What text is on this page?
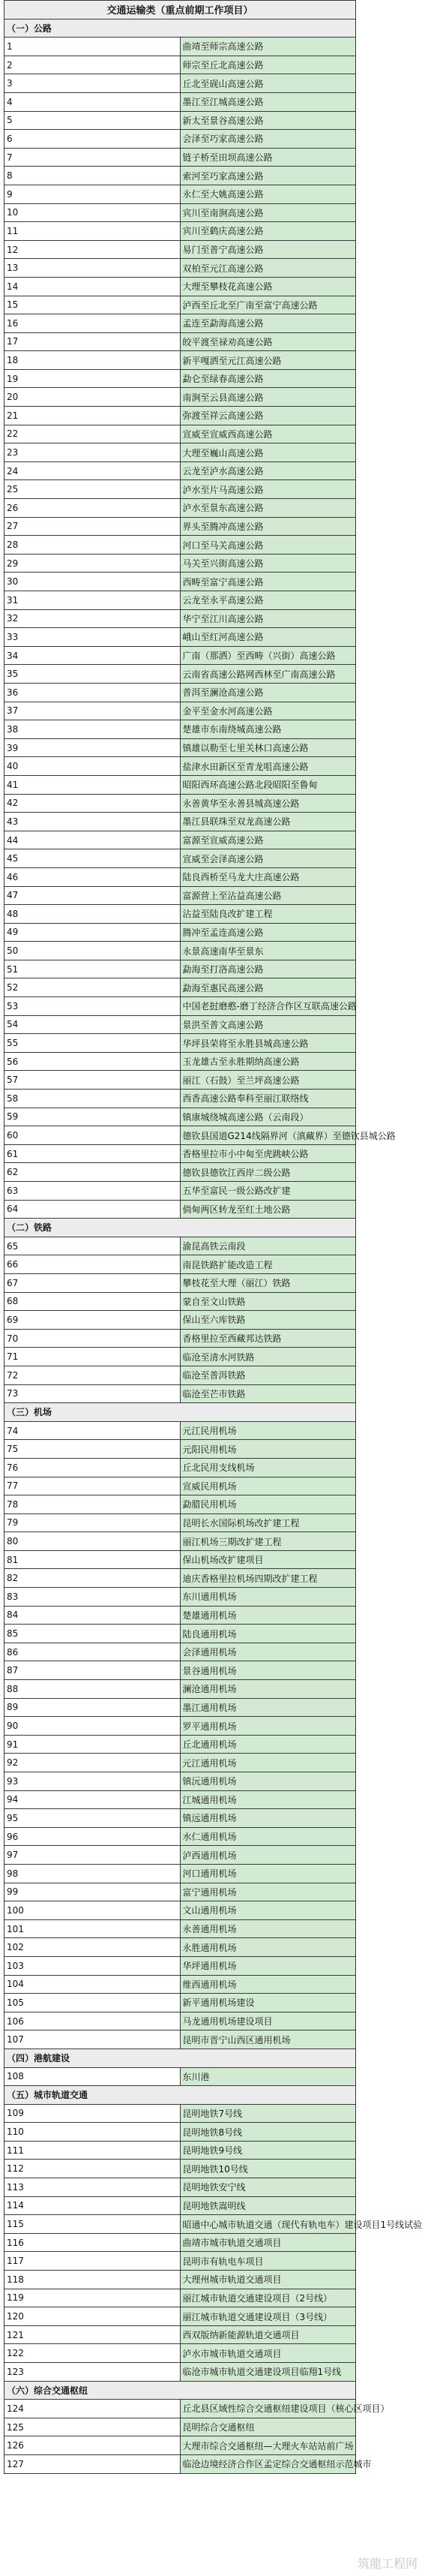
交通运输类（重点前期工作项目）	
（一）公路	
1	曲靖至师宗高速公路
2	师宗至丘北高速公路
3	丘北至砚山高速公路
4	墨江至江城高速公路
5	新太至景谷高速公路
6	会泽至巧家高速公路
7	链子桥至田坝高速公路
8	索河至巧家高速公路
9	永仁至大姚高速公路
10	宾川至南涧高速公路
11	宾川至鹤庆高速公路
12	易门至普宁高速公路
13	双柏至元江高速公路
14	大理至攀枝花高速公路
15	泸西至丘北至广南至富宁高速公路
16	孟连至勐海高速公路
17	皎平渡至禄劝高速公路
18	新平嘎洒至元江高速公路
19	勐仑至绿春高速公路
20	南涧至云县高速公路
21	弥渡至祥云高速公路
22	宣威至宣威西高速公路
23	大理至巍山高速公路
24	云龙至泸水高速公路
25	泸水至片马高速公路
26	泸水至景东高速公路
27	界头至腾冲高速公路
28	河口至马关高速公路
29	马关至兴街高速公路
30	西畴至富宁高速公路
31	云龙至永平高速公路
32	华宁至江川高速公路
33	峨山至红河高速公路
34	广南（那洒）至西畴（兴街）高速公路
35	云南省高速公路网西林至广南高速公路
36	普洱至澜沧高速公路
37	金平至金水河高速公路
38	楚雄市东南绕城高速公路
39	镇雄以勒至七里关林口高速公路
40	盐津水田新区至青龙咀高速公路
41	昭阳西环高速公路北段昭阳至鲁甸
42	永善黄华至永善县城高速公路
43	墨江县联珠至双龙高速公路
44	富源至宣威高速公路
45	宣威至会泽高速公路
46	陆良西桥至马龙大庄高速公路
47	富源营上至沾益高速公路
48	沾益至陆良改扩建工程
49	腾冲至孟连高速公路
50	永景高速南华至景东
51	勐海至打洛高速公路
52	勐海至惠民高速公路
53	中国老挝磨憨-磨丁经济合作区互联高速公路
54	景洪至普文高速公路
55	华坪县荣将至永胜县城高速公路
56	玉龙雄古至永胜期纳高速公路
57	丽江（石鼓）至兰坪高速公路
58	西香高速公路奉科至丽江联络线
59	镇康城绕城高速公路（云南段）
60	德钦县国道G214线隔界河（滇藏界）至德钦县城公路
61	香格里拉市小中甸至虎跳峡公路
62	德钦县德钦江西岸二级公路
63	五华至富民一级公路改扩建
64	倘甸两区转龙至红土地公路
（二）铁路	
65	渝昆高铁云南段
66	南昆铁路扩能改造工程
67	攀枝花至大理（丽江）铁路
68	蒙自至文山铁路
69	保山至六库铁路
70	香格里拉至西藏邦达铁路
71	临沧至清水河铁路
72	临沧至普洱铁路
73	临沧至芒市铁路
（三）机场	
74	元江民用机场
75	元阳民用机场
76	丘北民用支线机场
77	宣威民用机场
78	勐腊民用机场
79	昆明长水国际机场改扩建工程
80	丽江机场三期改扩建工程
81	保山机场改扩建项目
82	迪庆香格里拉机场四期改扩建工程
83	东川通用机场
84	楚雄通用机场
85	陆良通用机场
86	会泽通用机场
87	景谷通用机场
88	澜沧通用机场
89	墨江通用机场
90	罗平通用机场
91	丘北通用机场
92	元江通用机场
93	镇沅通用机场
94	江城通用机场
95	镇远通用机场
96	水仁通用机场
97	泸西通用机场
98	河口通用机场
99	富宁通用机场
100	文山通用机场
101	永善通用机场
102	永胜通用机场
103	华坪通用机场
104	维西通用机场
105	新平通用机场建设
106	马龙通用机场建设项目
107	昆明市晋宁山西区通用机场
（四）港航建设	
108	东川港
（五）城市轨道交通	
109	昆明地铁7号线
110	昆明地铁8号线
111	昆明地铁9号线
112	昆明地铁10号线
113	昆明地铁安宁线
114	昆明地铁嵩明线
115	昭通中心城市轨道交通（现代有轨电车）建设项目1号线试验
116	曲靖市城市轨道交通项目
117	昆明市有轨电车项目
118	大理州城市轨道交通项目
119	丽江城市轨道交通建设项目（2号线）
120	丽江城市轨道交通建设项目（3号线）
121	西双版纳新能源轨道交通项目
122	泸水市城市轨道交通项目
123	临沧市城市轨道交通建设项目临翔1号线
（六）综合交通枢纽	
124	丘北县区域性综合交通枢纽建设项目（核心区项目）
125	昆明综合交通枢纽
126	大理市综合交通枢纽—大理火车站站前广场
127	临沧边境经济合作区孟定综合交通枢纽示范城市
筑龍工程网
